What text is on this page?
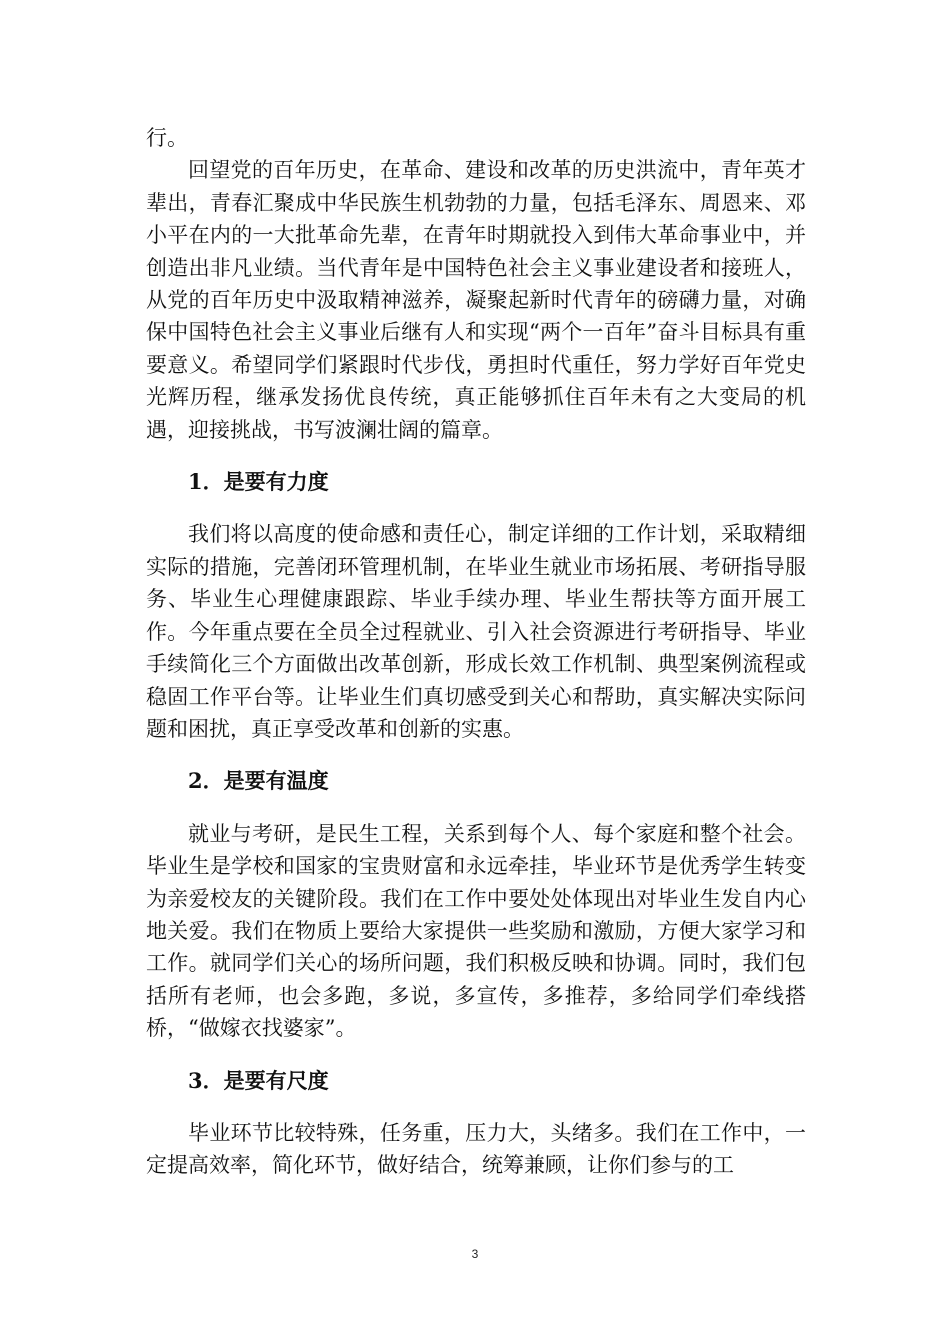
行。

回望党的百年历史，在革命、建设和改革的历史洪流中，青年英才辈出，青春汇聚成中华民族生机勃勃的力量，包括毛泽东、周恩来、邓小平在内的一大批革命先辈，在青年时期就投入到伟大革命事业中，并创造出非凡业绩。当代青年是中国特色社会主义事业建设者和接班人，从党的百年历史中汲取精神滋养，凝聚起新时代青年的磅礴力量，对确保中国特色社会主义事业后继有人和实现“两个一百年”奋斗目标具有重要意义。希望同学们紧跟时代步伐，勇担时代重任，努力学好百年党史光辉历程，继承发扬优良传统，真正能够抓住百年未有之大变局的机遇，迎接挑战，书写波澜壮阔的篇章。

1．是要有力度

我们将以高度的使命感和责任心，制定详细的工作计划，采取精细实际的措施，完善闭环管理机制，在毕业生就业市场拓展、考研指导服务、毕业生心理健康跟踪、毕业手续办理、毕业生帮扶等方面开展工作。今年重点要在全员全过程就业、引入社会资源进行考研指导、毕业手续简化三个方面做出改革创新，形成长效工作机制、典型案例流程或稳固工作平台等。让毕业生们真切感受到关心和帮助，真实解决实际问题和困扰，真正享受改革和创新的实惠。

2．是要有温度

就业与考研，是民生工程，关系到每个人、每个家庭和整个社会。毕业生是学校和国家的宝贵财富和永远牵挂，毕业环节是优秀学生转变为亲爱校友的关键阶段。我们在工作中要处处体现出对毕业生发自内心地关爱。我们在物质上要给大家提供一些奖励和激励，方便大家学习和工作。就同学们关心的场所问题，我们积极反映和协调。同时，我们包括所有老师，也会多跑，多说，多宣传，多推荐，多给同学们牵线搭桥，“做嫁衣找婆家”。

3．是要有尺度

毕业环节比较特殊，任务重，压力大，头绪多。我们在工作中，一定提高效率，简化环节，做好结合，统筹兼顾，让你们参与的工

3
